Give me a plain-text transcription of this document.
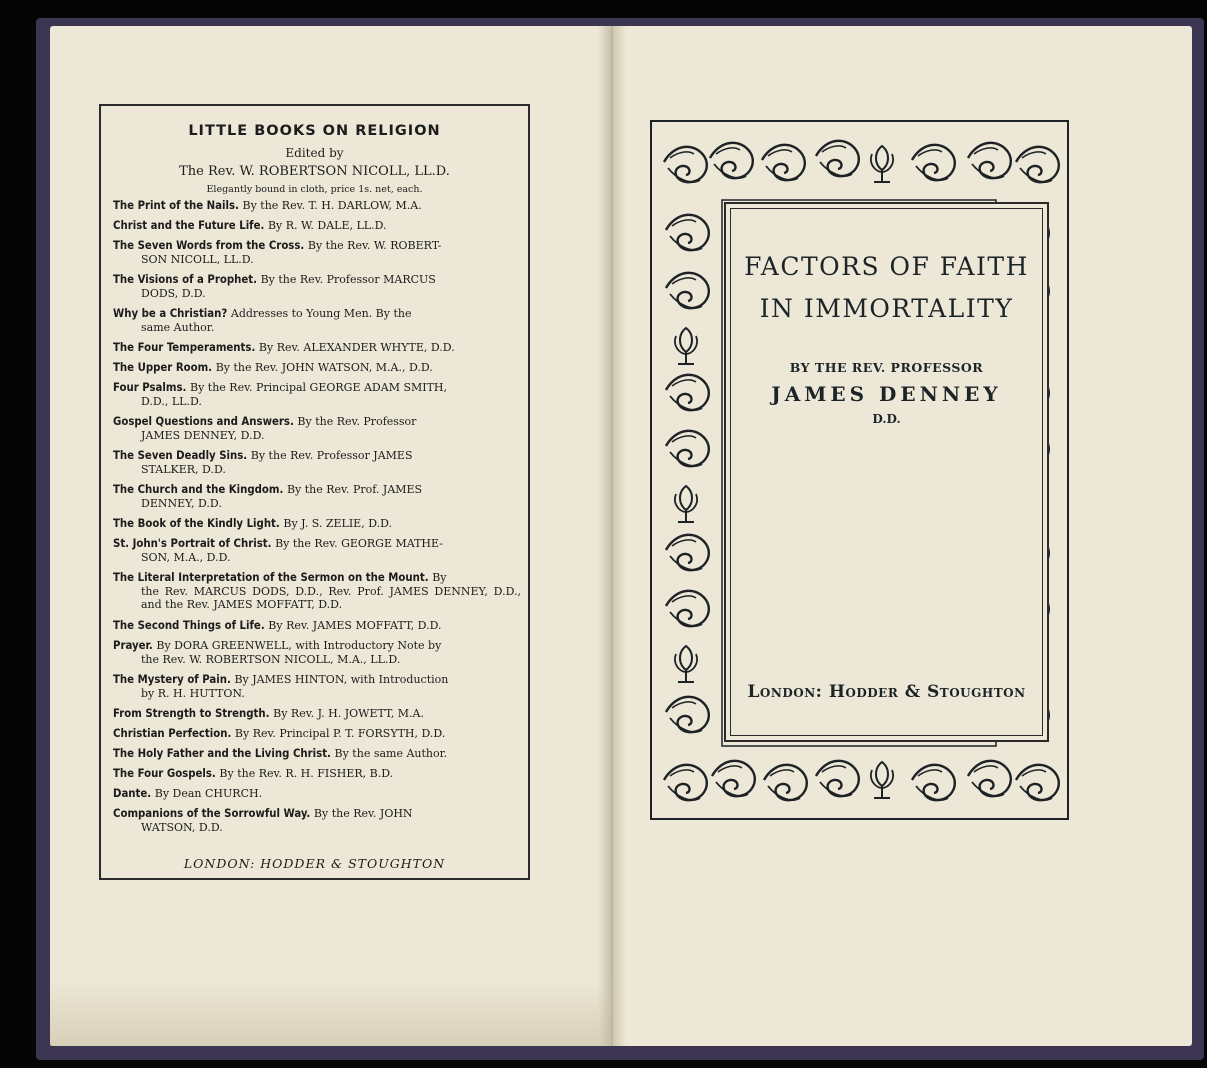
LITTLE BOOKS ON RELIGION
Edited by
The Rev. W. ROBERTSON NICOLL, LL.D.
Elegantly bound in cloth, price 1s. net, each.
The Print of the Nails. By the Rev. T. H. DARLOW, M.A.
Christ and the Future Life. By R. W. DALE, LL.D.
The Seven Words from the Cross. By the Rev. W. ROBERT-
SON NICOLL, LL.D.
The Visions of a Prophet. By the Rev. Professor MARCUS
DODS, D.D.
Why be a Christian? Addresses to Young Men. By the
same Author.
The Four Temperaments. By Rev. ALEXANDER WHYTE, D.D.
The Upper Room. By the Rev. JOHN WATSON, M.A., D.D.
Four Psalms. By the Rev. Principal GEORGE ADAM SMITH,
D.D., LL.D.
Gospel Questions and Answers. By the Rev. Professor
JAMES DENNEY, D.D.
The Seven Deadly Sins. By the Rev. Professor JAMES
STALKER, D.D.
The Church and the Kingdom. By the Rev. Prof. JAMES
DENNEY, D.D.
The Book of the Kindly Light. By J. S. ZELIE, D.D.
St. John's Portrait of Christ. By the Rev. GEORGE MATHE-
SON, M.A., D.D.
The Literal Interpretation of the Sermon on the Mount. By
the Rev. MARCUS DODS, D.D., Rev. Prof. JAMES DENNEY, D.D., and the Rev. JAMES MOFFATT, D.D.
The Second Things of Life. By Rev. JAMES MOFFATT, D.D.
Prayer. By DORA GREENWELL, with Introductory Note by
the Rev. W. ROBERTSON NICOLL, M.A., LL.D.
The Mystery of Pain. By JAMES HINTON, with Introduction
by R. H. HUTTON.
From Strength to Strength. By Rev. J. H. JOWETT, M.A.
Christian Perfection. By Rev. Principal P. T. FORSYTH, D.D.
The Holy Father and the Living Christ. By the same Author.
The Four Gospels. By the Rev. R. H. FISHER, B.D.
Dante. By Dean CHURCH.
Companions of the Sorrowful Way. By the Rev. JOHN
WATSON, D.D.
LONDON: HODDER & STOUGHTON
FACTORS OF FAITH
IN IMMORTALITY
BY THE REV. PROFESSOR
JAMES DENNEY
D.D.
London: Hodder & Stoughton
